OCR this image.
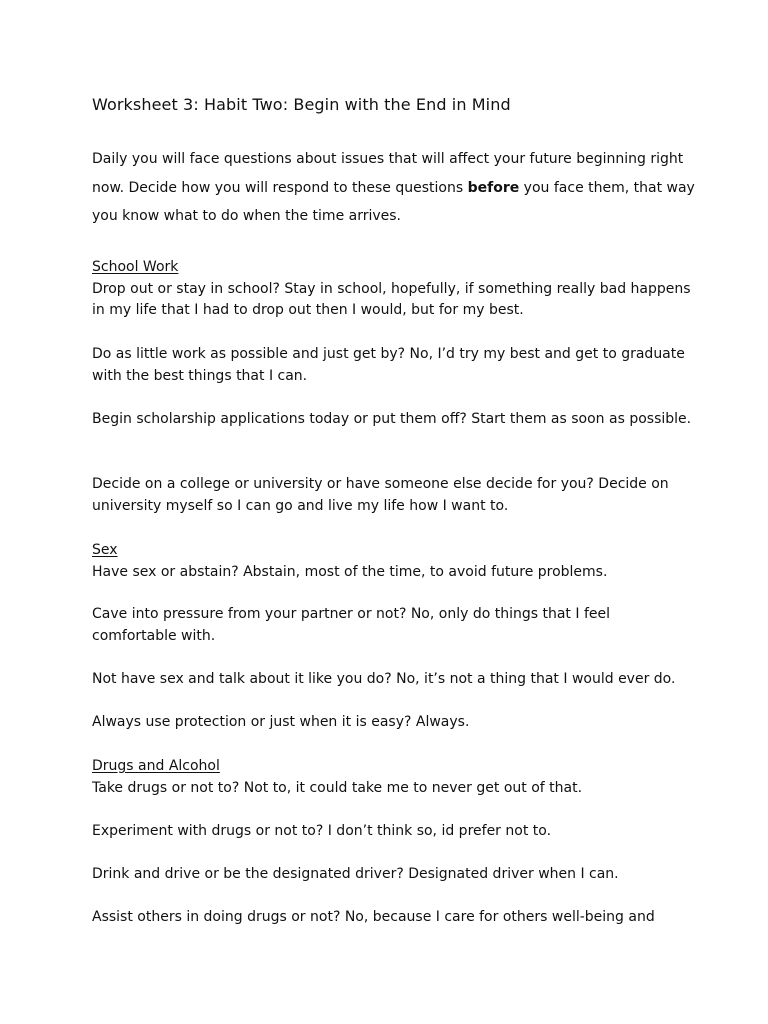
Worksheet 3: Habit Two: Begin with the End in Mind

Daily you will face questions about issues that will affect your future beginning right now. Decide how you will respond to these questions before you face them, that way you know what to do when the time arrives.

School Work
Drop out or stay in school? Stay in school, hopefully, if something really bad happens in my life that I had to drop out then I would, but for my best.

Do as little work as possible and just get by? No, I’d try my best and get to graduate with the best things that I can.

Begin scholarship applications today or put them off? Start them as soon as possible.

Decide on a college or university or have someone else decide for you? Decide on university myself so I can go and live my life how I want to.

Sex
Have sex or abstain? Abstain, most of the time, to avoid future problems.

Cave into pressure from your partner or not? No, only do things that I feel comfortable with.

Not have sex and talk about it like you do? No, it’s not a thing that I would ever do.

Always use protection or just when it is easy? Always.

Drugs and Alcohol
Take drugs or not to? Not to, it could take me to never get out of that.

Experiment with drugs or not to? I don’t think so, id prefer not to.

Drink and drive or be the designated driver? Designated driver when I can.

Assist others in doing drugs or not? No, because I care for others well-being and
